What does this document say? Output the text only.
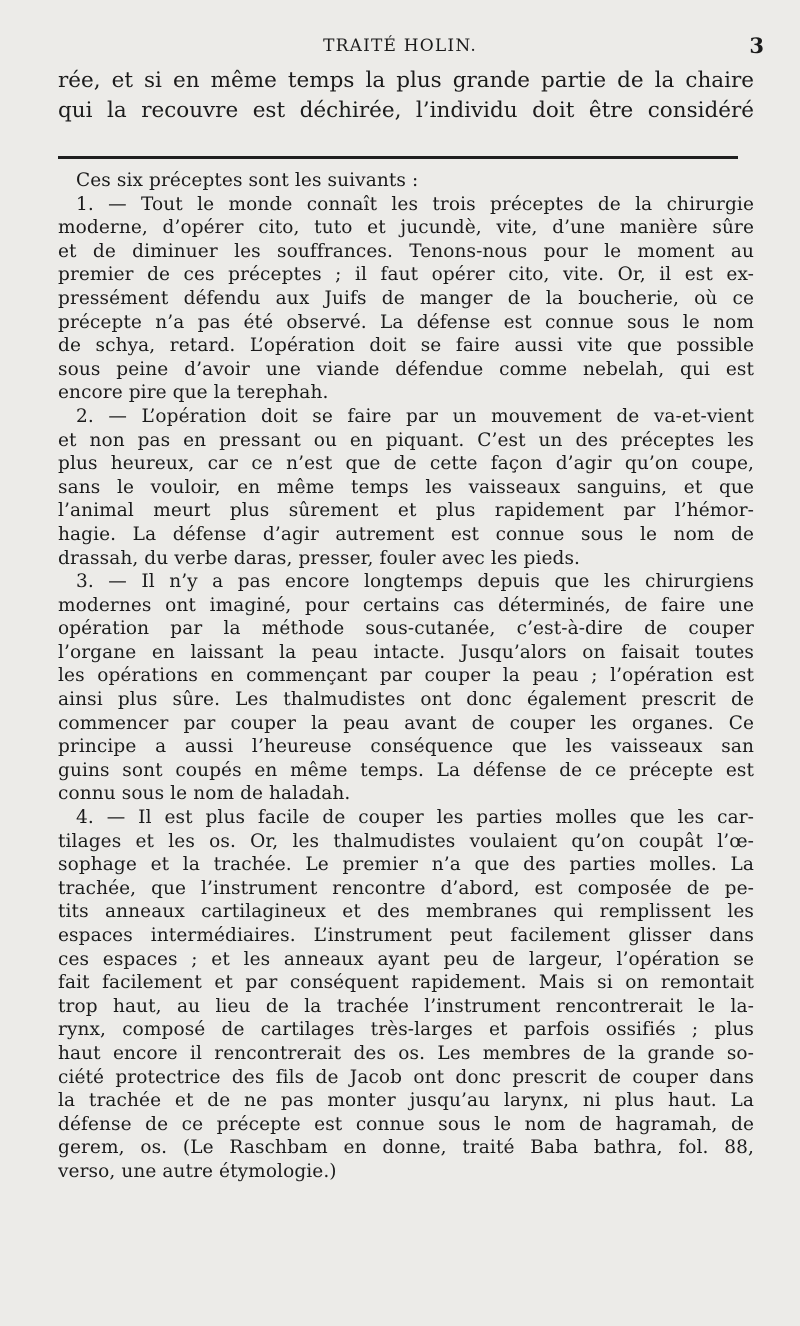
TRAITÉ HOLIN.	3
rée, et si en même temps la plus grande partie de la chaire
qui la recouvre est déchirée, l’individu doit être considéré
Ces six préceptes sont les suivants :
1. — Tout le monde connaît les trois préceptes de la chirurgie
moderne, d’opérer cito, tuto et jucundè, vite, d’une manière sûre
et de diminuer les souffrances. Tenons-nous pour le moment au
premier de ces préceptes ; il faut opérer cito, vite. Or, il est ex-
pressément défendu aux Juifs de manger de la boucherie, où ce
précepte n’a pas été observé. La défense est connue sous le nom
de schya, retard. L’opération doit se faire aussi vite que possible
sous peine d’avoir une viande défendue comme nebelah, qui est
encore pire que la terephah.
2. — L’opération doit se faire par un mouvement de va-et-vient
et non pas en pressant ou en piquant. C’est un des préceptes les
plus heureux, car ce n’est que de cette façon d’agir qu’on coupe,
sans le vouloir, en même temps les vaisseaux sanguins, et que
l’animal meurt plus sûrement et plus rapidement par l’hémor-
hagie. La défense d’agir autrement est connue sous le nom de
drassah, du verbe daras, presser, fouler avec les pieds.
3. — Il n’y a pas encore longtemps depuis que les chirurgiens
modernes ont imaginé, pour certains cas déterminés, de faire une
opération par la méthode sous-cutanée, c’est-à-dire de couper
l’organe en laissant la peau intacte. Jusqu’alors on faisait toutes
les opérations en commençant par couper la peau ; l’opération est
ainsi plus sûre. Les thalmudistes ont donc également prescrit de
commencer par couper la peau avant de couper les organes. Ce
principe a aussi l’heureuse conséquence que les vaisseaux san
guins sont coupés en même temps. La défense de ce précepte est
connu sous le nom de haladah.
4. — Il est plus facile de couper les parties molles que les car-
tilages et les os. Or, les thalmudistes voulaient qu’on coupât l’œ-
sophage et la trachée. Le premier n’a que des parties molles. La
trachée, que l’instrument rencontre d’abord, est composée de pe-
tits anneaux cartilagineux et des membranes qui remplissent les
espaces intermédiaires. L’instrument peut facilement glisser dans
ces espaces ; et les anneaux ayant peu de largeur, l’opération se
fait facilement et par conséquent rapidement. Mais si on remontait
trop haut, au lieu de la trachée l’instrument rencontrerait le la-
rynx, composé de cartilages très-larges et parfois ossifiés ; plus
haut encore il rencontrerait des os. Les membres de la grande so-
ciété protectrice des fils de Jacob ont donc prescrit de couper dans
la trachée et de ne pas monter jusqu’au larynx, ni plus haut. La
défense de ce précepte est connue sous le nom de hagramah, de
gerem, os. (Le Raschbam en donne, traité Baba bathra, fol. 88,
verso, une autre étymologie.)
